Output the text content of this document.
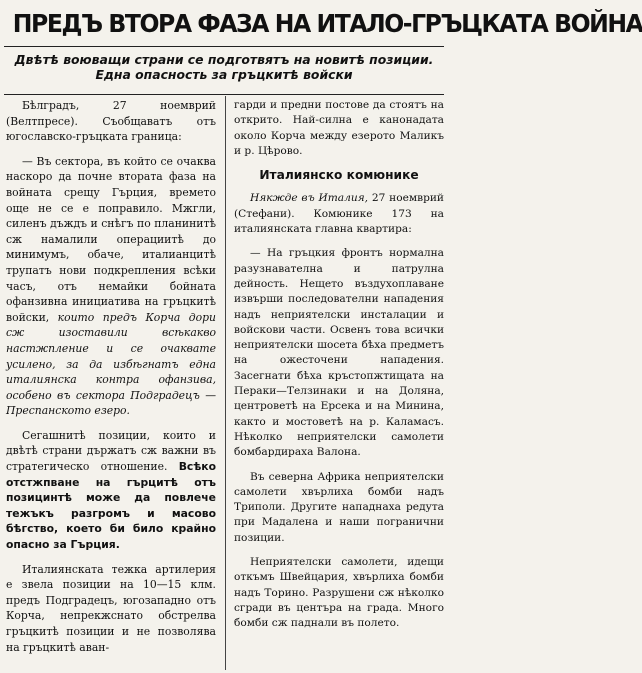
ПРЕДЪ ВТОРА ФАЗА НА ИТАЛО-ГРЪЦКАТА ВОЙНА
Двѣтѣ воюващи страни се подготвятъ на новитѣ позиции. Една опасность за гръцкитѣ войски

Бѣлградъ, 27 ноемврий (Велтпресе). Съобщаватъ отъ югославско-гръцката граница:

— Въ сектора, въ който се очаква наскоро да почне втората фаза на войната срещу Гърция, времето още не се е поправило. Мжгли, силенъ дъждъ и снѣгъ по планинитѣ сж намалили операциитѣ до минимумъ, обаче, италианцитѣ трупатъ нови подкрепления всѣки часъ, отъ немайки бойната офанзивна инициатива на гръцкитѣ войски, които предъ Корча дори сж изоставили всѣкакво настжпление и се очаквате усилено, за да избѣгнатъ една италиянска контра офанзива, особено въ сектора Подградецъ — Преспанското езеро.

Сегашнитѣ позиции, които и двѣтѣ страни държатъ сж важни въ стратегическо отношение. Всѣко отстжпване на гърцитѣ отъ позицинтѣ може да повлече тежъкъ разгромъ и масово бѣгство, което би било крайно опасно за Гърция.

Италиянската тежка артилерия е звела позиции на 10—15 клм. предъ Подградецъ, югозападно отъ Корча, непрекжснато обстрелва гръцкитѣ позиции и не позволява на гръцкитѣ аван-

гарди и предни постове да стоятъ на открито. Най-силна е канонадата около Корча между езерото Маликъ и р. Цѣрово.

Италиянско комюнике

Някжде въ Италия, 27 ноемврий (Стефани). Комюнике 173 на италиянската главна квартира:

— На гръцкия фронтъ нормална разузнавателна и патрулна дейность. Нещето въздухоплаване извърши последователни нападения надъ неприятелски инсталации и войскови части. Освенъ това всички неприятелски шосета бѣха предметъ на ожесточени нападения. Засегнати бѣха кръстопжтищата на Пераки—Телзинаки и на Доляна, центроветѣ на Ерсека и на Минина, както и мостоветѣ на р. Каламасъ. Нѣколко неприятелски самолети бомбардираха Валона.

Въ северна Африка неприятелски самолети хвърлиха бомби надъ Триполи. Другите нападнаха редута при Мадалена и наши погранични позиции.

Неприятелски самолети, идещи откъмъ Швейцария, хвърлиха бомби надъ Торино. Разрушени сж нѣколко сгради въ центъра на града. Много бомби сж паднали въ полето.
